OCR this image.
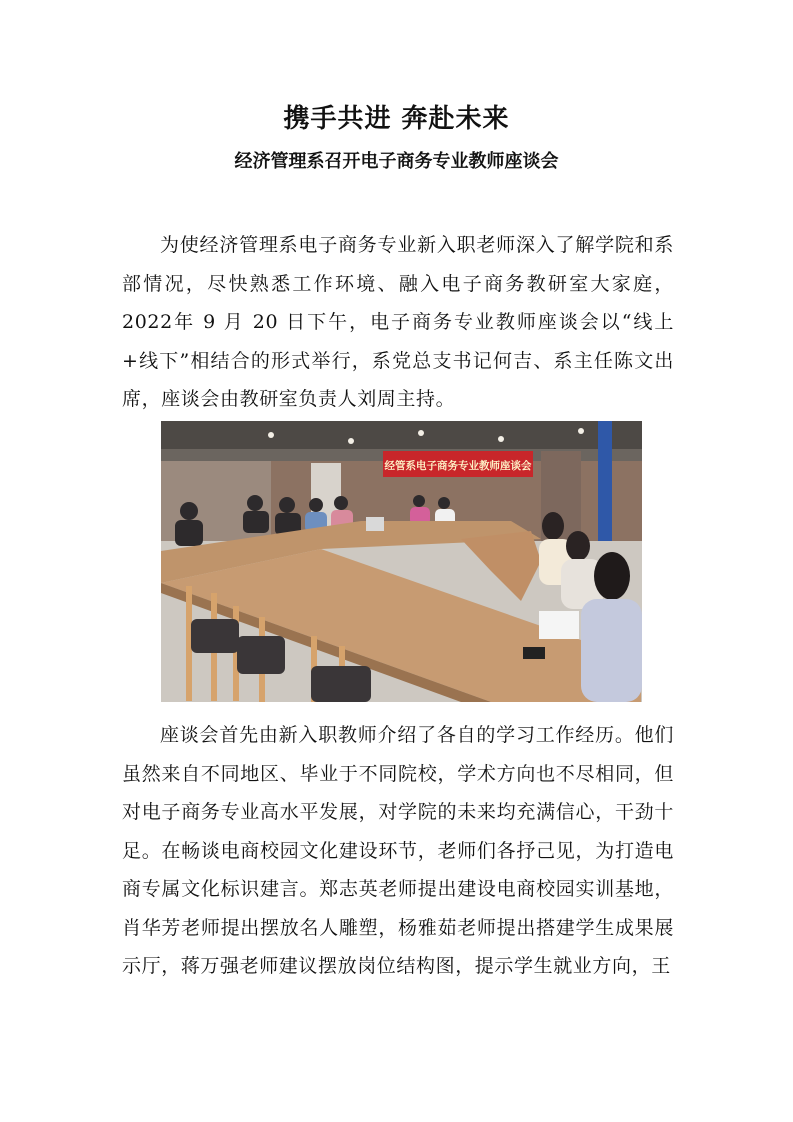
携手共进 奔赴未来
经济管理系召开电子商务专业教师座谈会

为使经济管理系电子商务专业新入职老师深入了解学院和系部情况，尽快熟悉工作环境、融入电子商务教研室大家庭，2022年 9 月 20 日下午，电子商务专业教师座谈会以“线上+线下”相结合的形式举行，系党总支书记何吉、系主任陈文出席，座谈会由教研室负责人刘周主持。

经管系电子商务专业教师座谈会

座谈会首先由新入职教师介绍了各自的学习工作经历。他们虽然来自不同地区、毕业于不同院校，学术方向也不尽相同，但对电子商务专业高水平发展，对学院的未来均充满信心，干劲十足。在畅谈电商校园文化建设环节，老师们各抒己见，为打造电商专属文化标识建言。郑志英老师提出建设电商校园实训基地，肖华芳老师提出摆放名人雕塑，杨雅茹老师提出搭建学生成果展示厅，蒋万强老师建议摆放岗位结构图，提示学生就业方向，王
